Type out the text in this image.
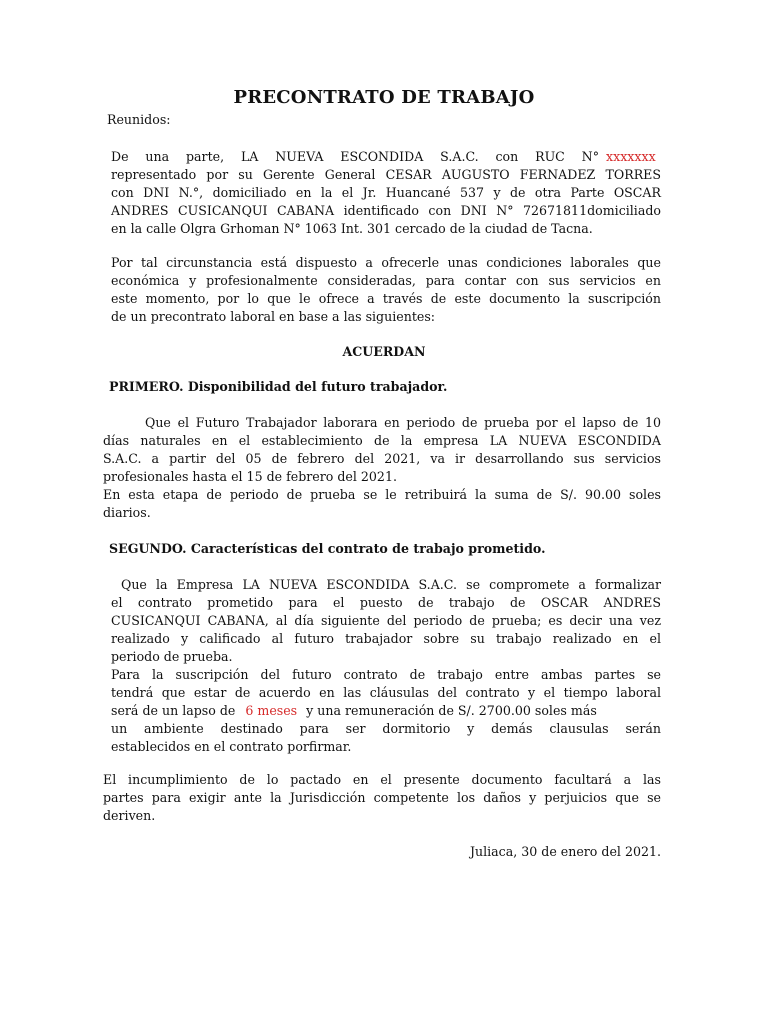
PRECONTRATO DE TRABAJO
Reunidos:
De una parte, LA NUEVA ESCONDIDA S.A.C. con RUC N° xxxxxxx
representado por su Gerente General CESAR AUGUSTO FERNADEZ TORRES
con DNI N.°, domiciliado en la el Jr. Huancané 537 y de otra Parte OSCAR
ANDRES CUSICANQUI CABANA identificado con DNI N° 72671811domiciliado
en la calle Olgra Grhoman N° 1063 Int. 301 cercado de la ciudad de Tacna.
Por tal circunstancia está dispuesto a ofrecerle unas condiciones laborales que
económica y profesionalmente consideradas, para contar con sus servicios en
este momento, por lo que le ofrece a través de este documento la suscripción
de un precontrato laboral en base a las siguientes:
ACUERDAN
PRIMERO. Disponibilidad del futuro trabajador.
Que el Futuro Trabajador laborara en periodo de prueba por el lapso de 10
días naturales en el establecimiento de la empresa LA NUEVA ESCONDIDA
S.A.C. a partir del 05 de febrero del 2021, va ir desarrollando sus servicios
profesionales hasta el 15 de febrero del 2021.
En esta etapa de periodo de prueba se le retribuirá la suma de S/. 90.00 soles
diarios.
SEGUNDO. Características del contrato de trabajo prometido.
Que la Empresa LA NUEVA ESCONDIDA S.A.C. se compromete a formalizar
el contrato prometido para el puesto de trabajo de OSCAR ANDRES
CUSICANQUI CABANA, al día siguiente del periodo de prueba; es decir una vez
realizado y calificado al futuro trabajador sobre su trabajo realizado en el
periodo de prueba.
Para la suscripción del futuro contrato de trabajo entre ambas partes se
tendrá que estar de acuerdo en las cláusulas del contrato y el tiempo laboral
será de un lapso de 6 meses y una remuneración de S/. 2700.00 soles más
un ambiente destinado para ser dormitorio y demás clausulas serán
establecidos en el contrato porfirmar.
El incumplimiento de lo pactado en el presente documento facultará a las
partes para exigir ante la Jurisdicción competente los daños y perjuicios que se
deriven.
Juliaca, 30 de enero del 2021.
